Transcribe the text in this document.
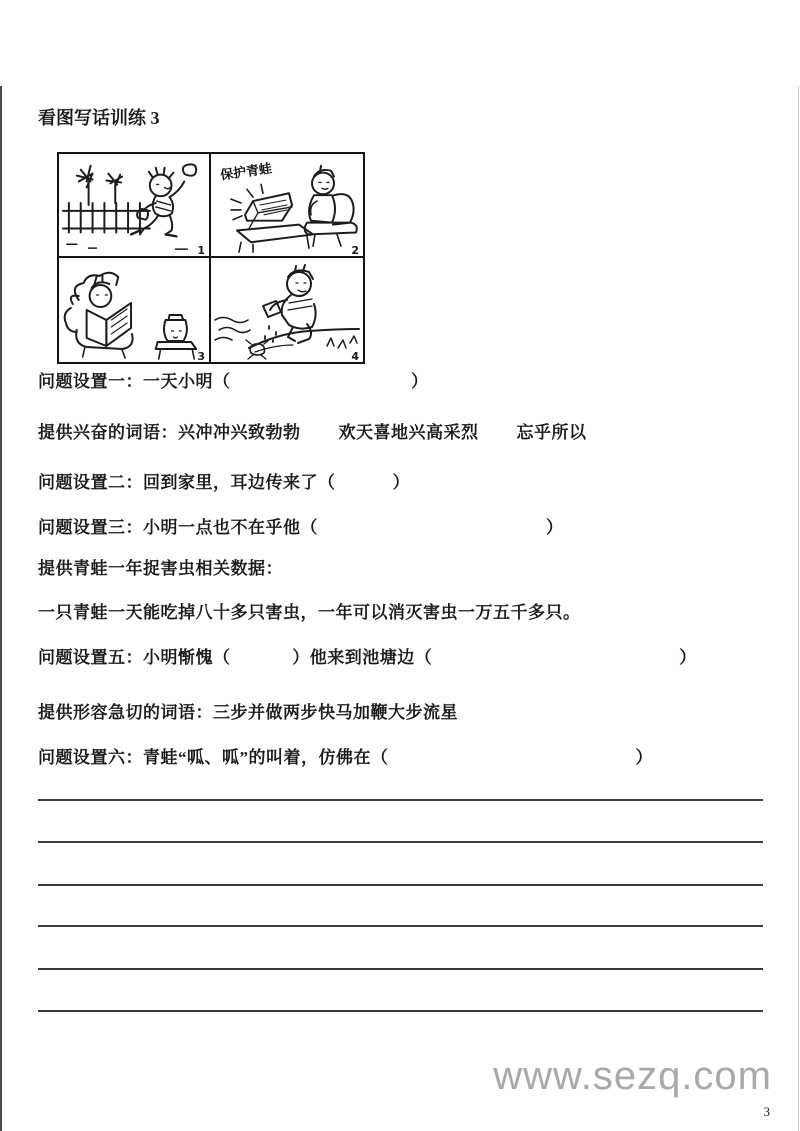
看图写话训练 3
1
保护青蛙
2
3	4
问题设置一：一天小明（                                      ）
提供兴奋的词语：兴冲冲兴致勃勃        欢天喜地兴高采烈        忘乎所以
问题设置二：回到家里，耳边传来了（            ）
问题设置三：小明一点也不在乎他（                                                ）
提供青蛙一年捉害虫相关数据：
一只青蛙一天能吃掉八十多只害虫，一年可以消灭害虫一万五千多只。
问题设置五：小明惭愧（             ）他来到池塘边（                                                    ）
提供形容急切的词语：三步并做两步快马加鞭大步流星
问题设置六：青蛙“呱、呱”的叫着，仿佛在（                                                    ）
www.sezq.com
3
